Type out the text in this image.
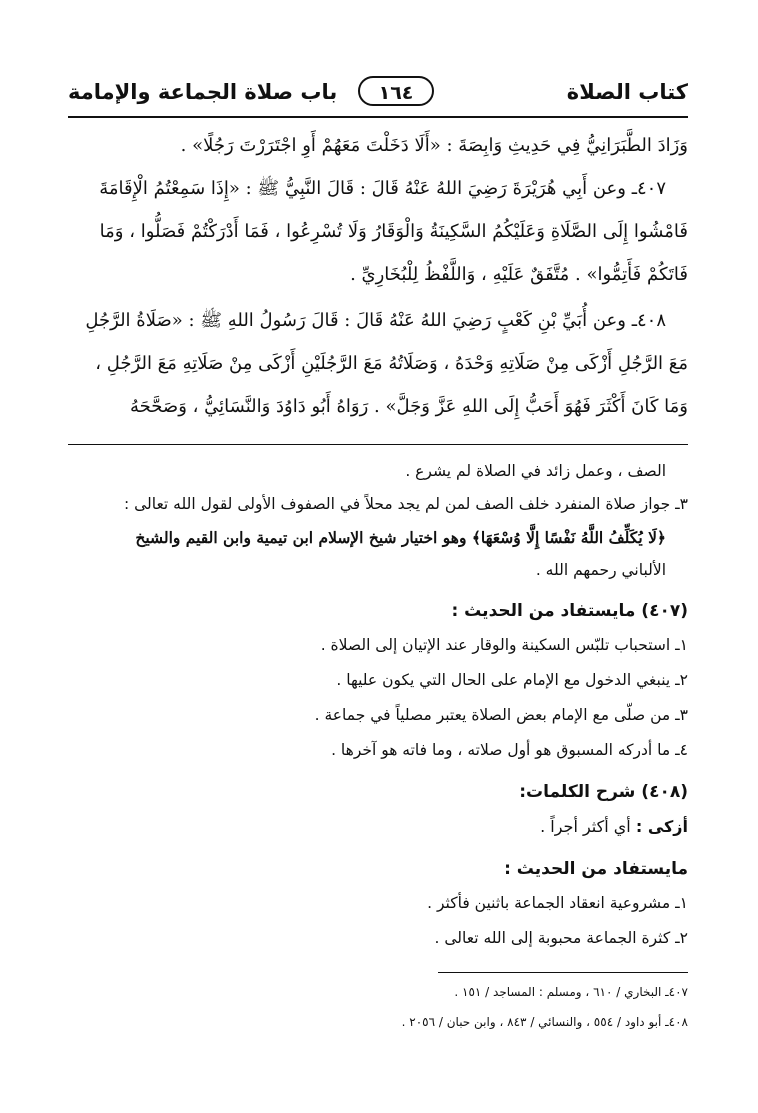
كتاب الصلاة
١٦٤
باب صلاة الجماعة والإمامة
وَزَادَ الطَّبَرَانِيُّ فِي حَدِيثِ وَابِصَةَ : «أَلَا دَخَلْتَ مَعَهُمْ أَوِ اجْتَرَرْتَ رَجُلًا» .
٤٠٧ـ وعن أَبِي هُرَيْرَةَ رَضِيَ اللهُ عَنْهُ قَالَ : قَالَ النَّبِيُّ ﷺ : «إِذَا سَمِعْتُمُ الْإِقَامَةَ
فَامْشُوا إِلَى الصَّلَاةِ وَعَلَيْكُمُ السَّكِينَةُ وَالْوَقَارُ وَلَا تُسْرِعُوا ، فَمَا أَدْرَكْتُمْ فَصَلُّوا ، وَمَا
فَاتَكُمْ فَأَتِمُّوا» . مُتَّفَقٌ عَلَيْهِ ، وَاللَّفْظُ لِلْبُخَارِيِّ .
٤٠٨ـ وعن أُبَيِّ بْنِ كَعْبٍ رَضِيَ اللهُ عَنْهُ قَالَ : قَالَ رَسُولُ اللهِ ﷺ : «صَلَاةُ الرَّجُلِ
مَعَ الرَّجُلِ أَزْكَى مِنْ صَلَاتِهِ وَحْدَهُ ، وَصَلَاتُهُ مَعَ الرَّجُلَيْنِ أَزْكَى مِنْ صَلَاتِهِ مَعَ الرَّجُلِ ،
وَمَا كَانَ أَكْثَرَ فَهُوَ أَحَبُّ إِلَى اللهِ عَزَّ وَجَلَّ» . رَوَاهُ أَبُو دَاوُدَ وَالنَّسَائِيُّ ، وَصَحَّحَهُ
الصف ، وعمل زائد في الصلاة لم يشرع .
٣ـ جواز صلاة المنفرد خلف الصف لمن لم يجد محلاً في الصفوف الأولى لقول الله تعالى :
﴿لَا يُكَلِّفُ اللَّهُ نَفْسًا إِلَّا وُسْعَهَا﴾ وهو اختيار شيخ الإسلام ابن تيمية وابن القيم والشيخ
الألباني رحمهم الله .
(٤٠٧) مايستفاد من الحديث :
١ـ استحباب تلبّس السكينة والوقار عند الإتيان إلى الصلاة .
٢ـ ينبغي الدخول مع الإمام على الحال التي يكون عليها .
٣ـ من صلّى مع الإمام بعض الصلاة يعتبر مصلياً في جماعة .
٤ـ ما أدركه المسبوق هو أول صلاته ، وما فاته هو آخرها .
(٤٠٨) شرح الكلمات:
أزكى : أي أكثر أجراً .
مايستفاد من الحديث :
١ـ مشروعية انعقاد الجماعة باثنين فأكثر .
٢ـ كثرة الجماعة محبوبة إلى الله تعالى .
٤٠٧ـ البخاري / ٦١٠ ، ومسلم : المساجد / ١٥١ .
٤٠٨ـ أبو داود / ٥٥٤ ، والنسائي / ٨٤٣ ، وابن حبان / ٢٠٥٦ .
